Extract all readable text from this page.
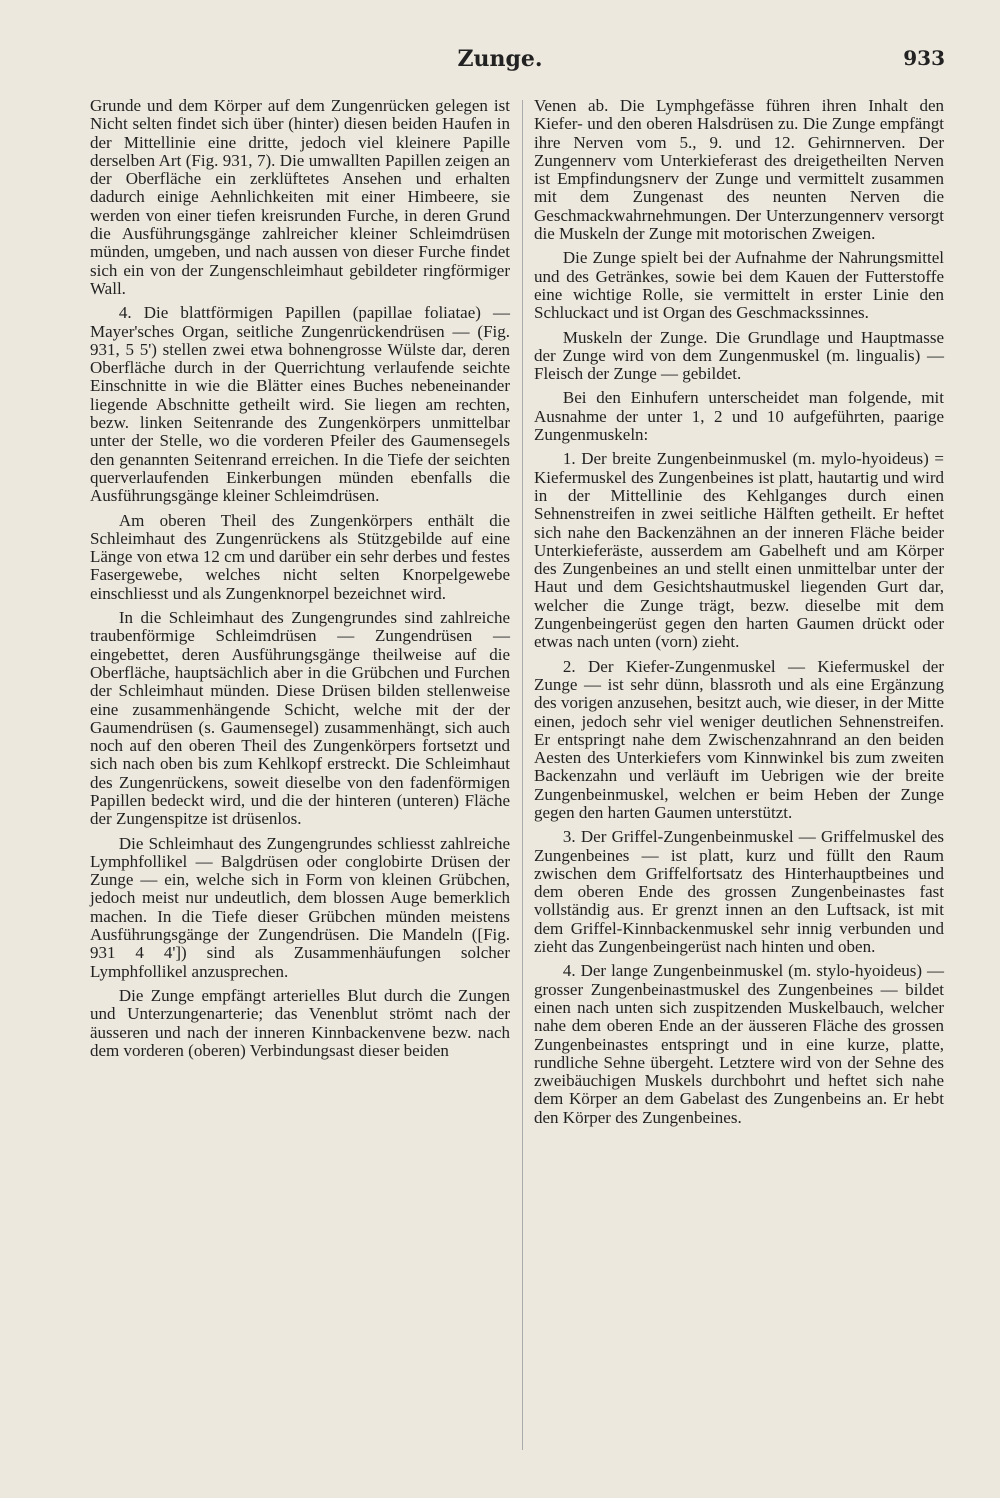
Zunge.	933

Grunde und dem Körper auf dem Zungenrücken gelegen ist Nicht selten findet sich über (hinter) diesen beiden Haufen in der Mittellinie eine dritte, jedoch viel kleinere Papille derselben Art (Fig. 931, 7). Die umwallten Papillen zeigen an der Oberfläche ein zerklüftetes Ansehen und erhalten dadurch einige Aehnlichkeiten mit einer Himbeere, sie werden von einer tiefen kreisrunden Furche, in deren Grund die Ausführungsgänge zahlreicher kleiner Schleimdrüsen münden, umgeben, und nach aussen von dieser Furche findet sich ein von der Zungenschleimhaut gebildeter ringförmiger Wall.

4. Die blattförmigen Papillen (papillae foliatae) — Mayer'sches Organ, seitliche Zungenrückendrüsen — (Fig. 931, 5 5') stellen zwei etwa bohnengrosse Wülste dar, deren Oberfläche durch in der Querrichtung verlaufende seichte Einschnitte in wie die Blätter eines Buches nebeneinander liegende Abschnitte getheilt wird. Sie liegen am rechten, bezw. linken Seitenrande des Zungenkörpers unmittelbar unter der Stelle, wo die vorderen Pfeiler des Gaumensegels den genannten Seitenrand erreichen. In die Tiefe der seichten querverlaufenden Einkerbungen münden ebenfalls die Ausführungsgänge kleiner Schleimdrüsen.

Am oberen Theil des Zungenkörpers enthält die Schleimhaut des Zungenrückens als Stützgebilde auf eine Länge von etwa 12 cm und darüber ein sehr derbes und festes Fasergewebe, welches nicht selten Knorpelgewebe einschliesst und als Zungenknorpel bezeichnet wird.

In die Schleimhaut des Zungengrundes sind zahlreiche traubenförmige Schleimdrüsen — Zungendrüsen — eingebettet, deren Ausführungsgänge theilweise auf die Oberfläche, hauptsächlich aber in die Grübchen und Furchen der Schleimhaut münden. Diese Drüsen bilden stellenweise eine zusammenhängende Schicht, welche mit der der Gaumendrüsen (s. Gaumensegel) zusammenhängt, sich auch noch auf den oberen Theil des Zungenkörpers fortsetzt und sich nach oben bis zum Kehlkopf erstreckt. Die Schleimhaut des Zungenrückens, soweit dieselbe von den fadenförmigen Papillen bedeckt wird, und die der hinteren (unteren) Fläche der Zungenspitze ist drüsenlos.

Die Schleimhaut des Zungengrundes schliesst zahlreiche Lymphfollikel — Balgdrüsen oder conglobirte Drüsen der Zunge — ein, welche sich in Form von kleinen Grübchen, jedoch meist nur undeutlich, dem blossen Auge bemerklich machen. In die Tiefe dieser Grübchen münden meistens Ausführungsgänge der Zungendrüsen. Die Mandeln ([Fig. 931 4 4']) sind als Zusammenhäufungen solcher Lymphfollikel anzusprechen.

Die Zunge empfängt arterielles Blut durch die Zungen und Unterzungenarterie; das Venenblut strömt nach der äusseren und nach der inneren Kinnbackenvene bezw. nach dem vorderen (oberen) Verbindungsast dieser beiden

Venen ab. Die Lymphgefässe führen ihren Inhalt den Kiefer- und den oberen Halsdrüsen zu. Die Zunge empfängt ihre Nerven vom 5., 9. und 12. Gehirnnerven. Der Zungennerv vom Unterkieferast des dreigetheilten Nerven ist Empfindungsnerv der Zunge und vermittelt zusammen mit dem Zungenast des neunten Nerven die Geschmackwahrnehmungen. Der Unterzungennerv versorgt die Muskeln der Zunge mit motorischen Zweigen.

Die Zunge spielt bei der Aufnahme der Nahrungsmittel und des Getränkes, sowie bei dem Kauen der Futterstoffe eine wichtige Rolle, sie vermittelt in erster Linie den Schluckact und ist Organ des Geschmackssinnes.

Muskeln der Zunge. Die Grundlage und Hauptmasse der Zunge wird von dem Zungenmuskel (m. lingualis) — Fleisch der Zunge — gebildet.

Bei den Einhufern unterscheidet man folgende, mit Ausnahme der unter 1, 2 und 10 aufgeführten, paarige Zungenmuskeln:

1. Der breite Zungenbeinmuskel (m. mylo-hyoideus) = Kiefermuskel des Zungenbeines ist platt, hautartig und wird in der Mittellinie des Kehlganges durch einen Sehnenstreifen in zwei seitliche Hälften getheilt. Er heftet sich nahe den Backenzähnen an der inneren Fläche beider Unterkieferäste, ausserdem am Gabelheft und am Körper des Zungenbeines an und stellt einen unmittelbar unter der Haut und dem Gesichtshautmuskel liegenden Gurt dar, welcher die Zunge trägt, bezw. dieselbe mit dem Zungenbeingerüst gegen den harten Gaumen drückt oder etwas nach unten (vorn) zieht.

2. Der Kiefer-Zungenmuskel — Kiefermuskel der Zunge — ist sehr dünn, blassroth und als eine Ergänzung des vorigen anzusehen, besitzt auch, wie dieser, in der Mitte einen, jedoch sehr viel weniger deutlichen Sehnenstreifen. Er entspringt nahe dem Zwischenzahnrand an den beiden Aesten des Unterkiefers vom Kinnwinkel bis zum zweiten Backenzahn und verläuft im Uebrigen wie der breite Zungenbeinmuskel, welchen er beim Heben der Zunge gegen den harten Gaumen unterstützt.

3. Der Griffel-Zungenbeinmuskel — Griffelmuskel des Zungenbeines — ist platt, kurz und füllt den Raum zwischen dem Griffelfortsatz des Hinterhauptbeines und dem oberen Ende des grossen Zungenbeinastes fast vollständig aus. Er grenzt innen an den Luftsack, ist mit dem Griffel-Kinnbackenmuskel sehr innig verbunden und zieht das Zungenbeingerüst nach hinten und oben.

4. Der lange Zungenbeinmuskel (m. stylo-hyoideus) — grosser Zungenbeinastmuskel des Zungenbeines — bildet einen nach unten sich zuspitzenden Muskelbauch, welcher nahe dem oberen Ende an der äusseren Fläche des grossen Zungenbeinastes entspringt und in eine kurze, platte, rundliche Sehne übergeht. Letztere wird von der Sehne des zweibäuchigen Muskels durchbohrt und heftet sich nahe dem Körper an dem Gabelast des Zungenbeins an. Er hebt den Körper des Zungenbeines.
